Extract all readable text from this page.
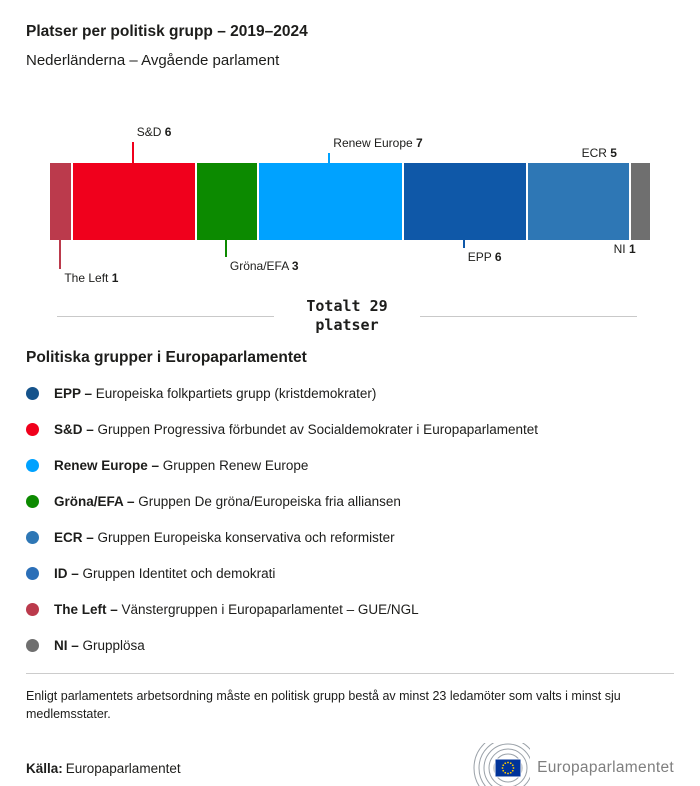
Platser per politisk grupp – 2019–2024
Nederländerna – Avgående parlament
The Left 1
S&D 6
Gröna/EFA 3
Renew Europe 7
EPP 6
ECR 5
NI 1
Totalt 29
platser
Politiska grupper i Europaparlamentet
EPP – Europeiska folkpartiets grupp (kristdemokrater)
S&D – Gruppen Progressiva förbundet av Socialdemokrater i Europaparlamentet
Renew Europe – Gruppen Renew Europe
Gröna/EFA – Gruppen De gröna/Europeiska fria alliansen
ECR – Gruppen Europeiska konservativa och reformister
ID – Gruppen Identitet och demokrati
The Left – Vänstergruppen i Europaparlamentet – GUE/NGL
NI – Grupplösa
Enligt parlamentets arbetsordning måste en politisk grupp bestå av minst 23 ledamöter som valts i minst sju medlemsstater.
Källa: Europaparlamentet	Europaparlamentet
